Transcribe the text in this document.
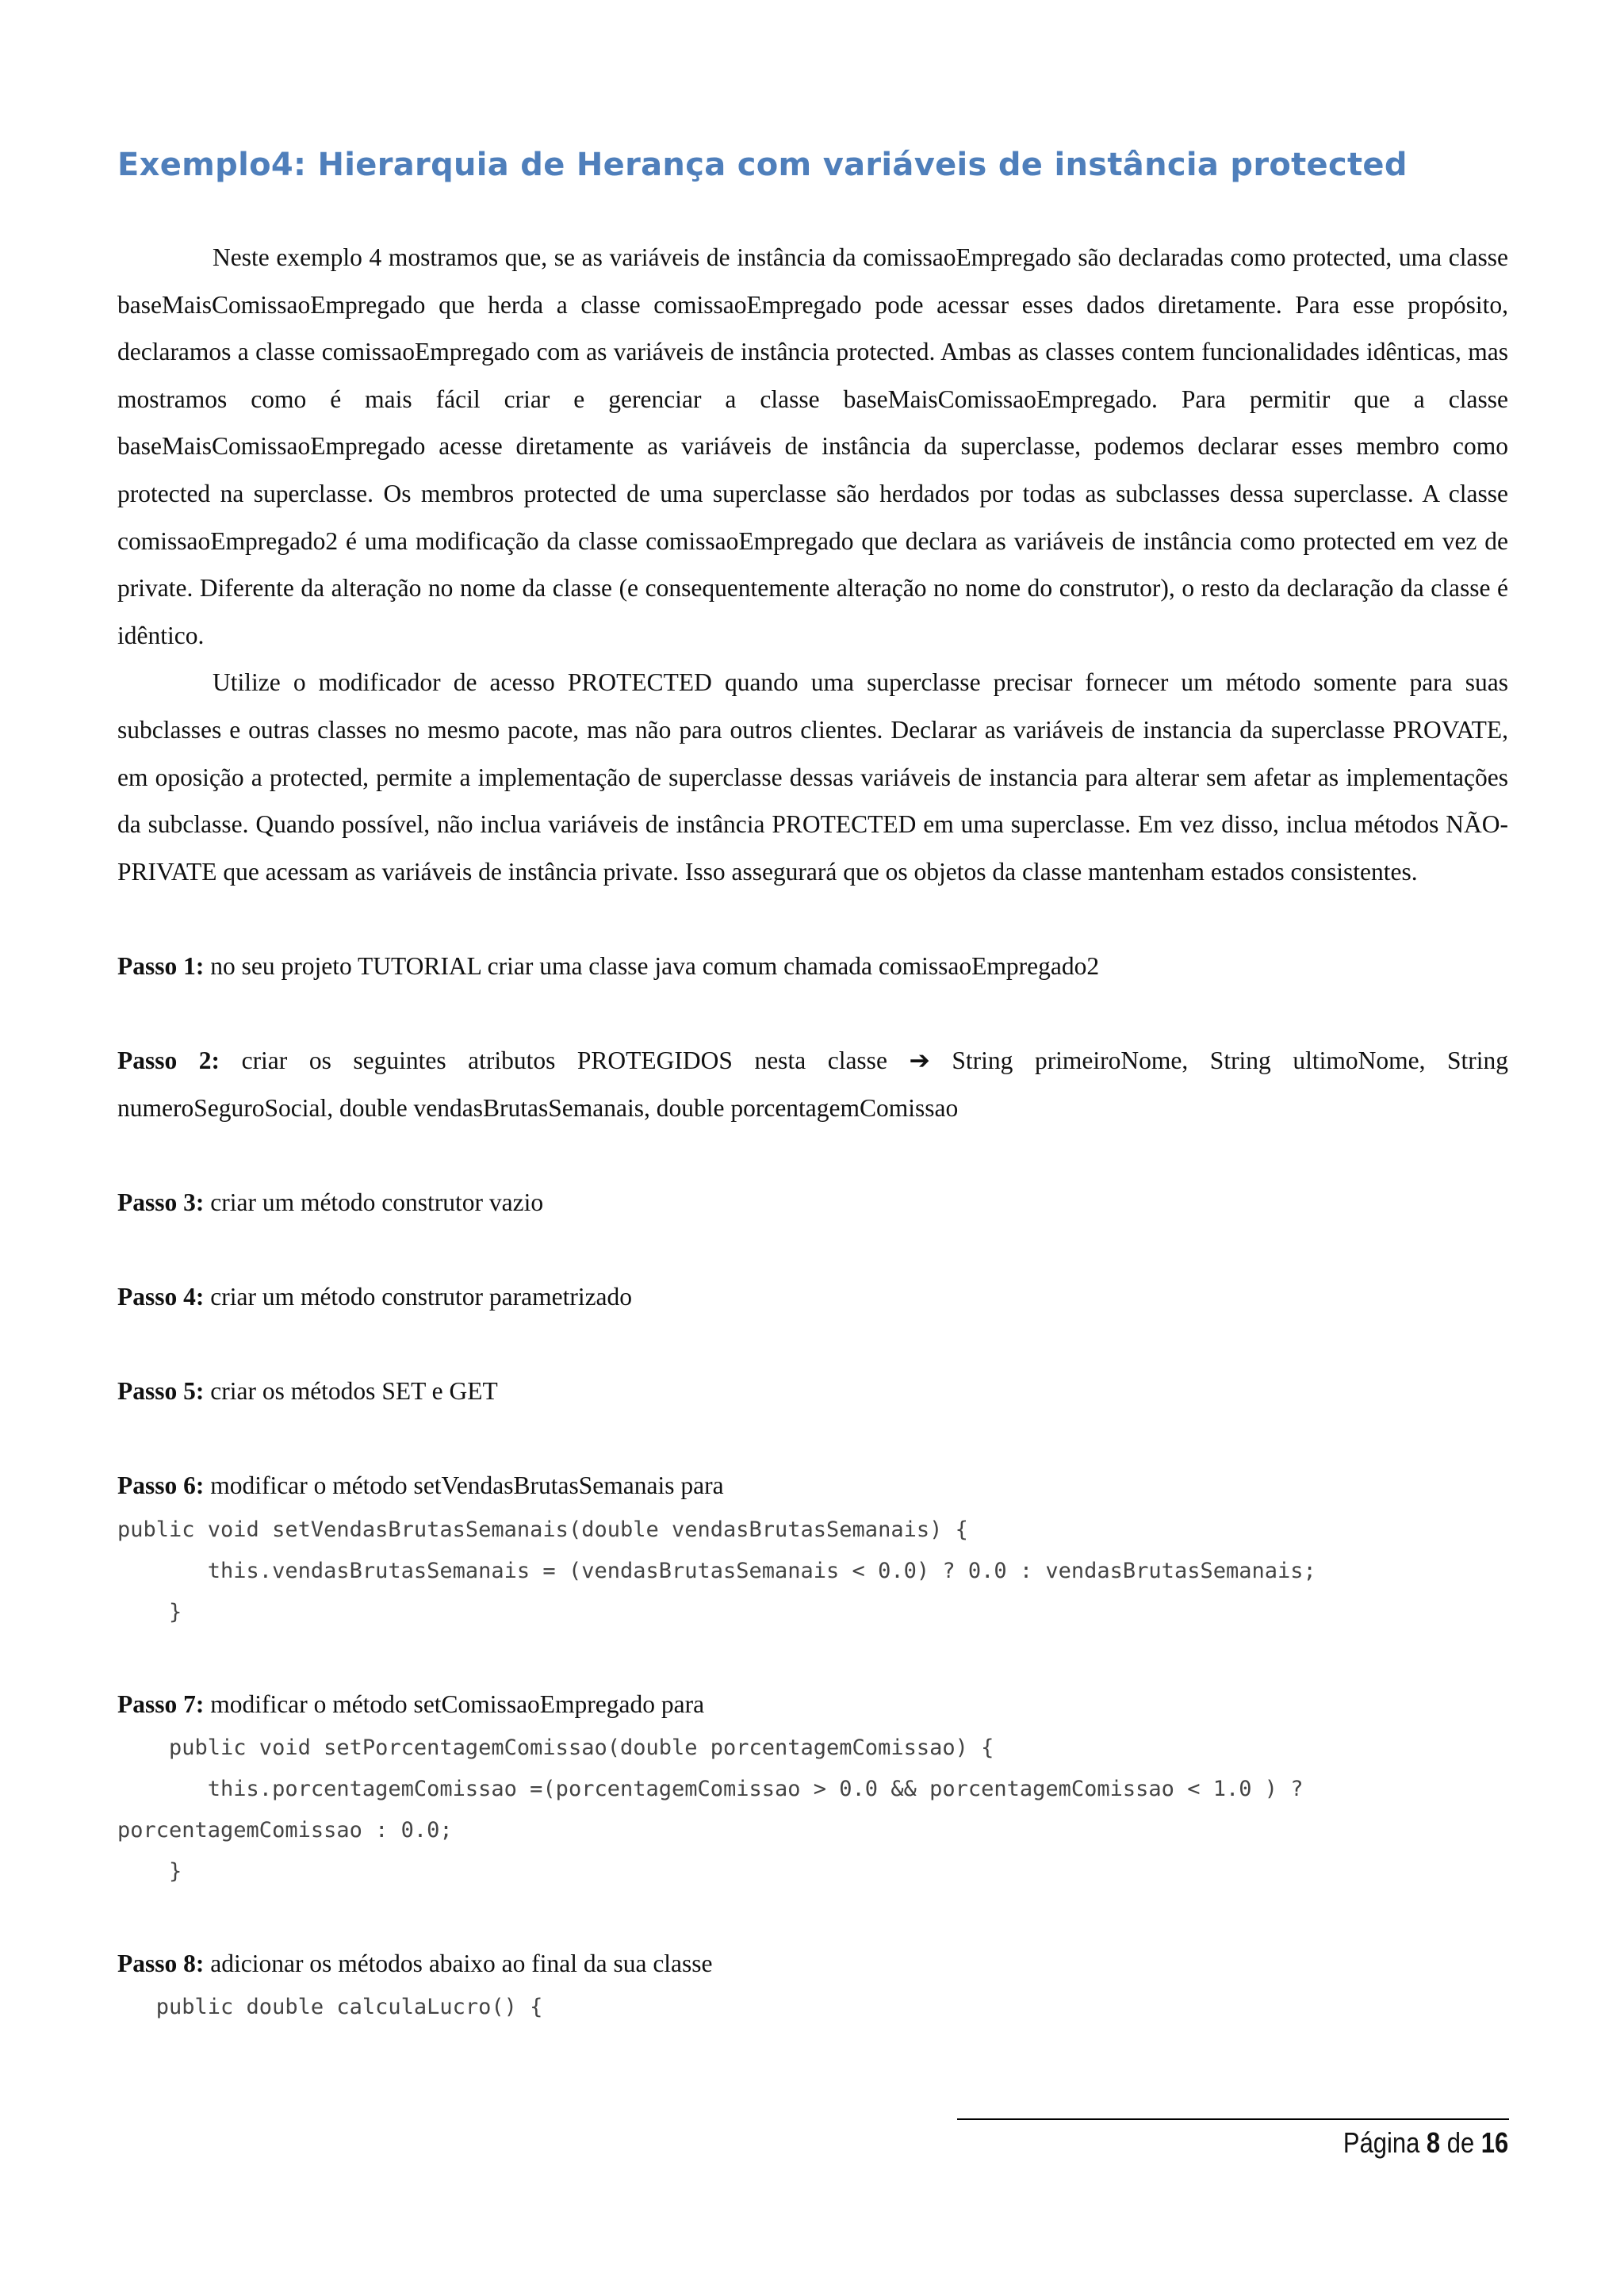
Exemplo4: Hierarquia de Herança com variáveis de instância protected

Neste exemplo 4 mostramos que, se as variáveis de instância da comissaoEmpregado são declaradas como protected, uma classe baseMaisComissaoEmpregado que herda a classe comissaoEmpregado pode acessar esses dados diretamente. Para esse propósito, declaramos a classe comissaoEmpregado com as variáveis de instância protected. Ambas as classes contem funcionalidades idênticas, mas mostramos como é mais fácil criar e gerenciar a classe baseMaisComissaoEmpregado. Para permitir que a classe baseMaisComissaoEmpregado acesse diretamente as variáveis de instância da superclasse, podemos declarar esses membro como protected na superclasse. Os membros protected de uma superclasse são herdados por todas as subclasses dessa superclasse. A classe comissaoEmpregado2 é uma modificação da classe comissaoEmpregado que declara as variáveis de instância como protected em vez de private. Diferente da alteração no nome da classe (e consequentemente alteração no nome do construtor), o resto da declaração da classe é idêntico.

Utilize o modificador de acesso PROTECTED quando uma superclasse precisar fornecer um método somente para suas subclasses e outras classes no mesmo pacote, mas não para outros clientes. Declarar as variáveis de instancia da superclasse PROVATE, em oposição a protected, permite a implementação de superclasse dessas variáveis de instancia para alterar sem afetar as implementações da subclasse. Quando possível, não inclua variáveis de instância PROTECTED em uma superclasse. Em vez disso, inclua métodos NÃO-PRIVATE que acessam as variáveis de instância private. Isso assegurará que os objetos da classe mantenham estados consistentes.

Passo 1: no seu projeto TUTORIAL criar uma classe java comum chamada comissaoEmpregado2

Passo 2: criar os seguintes atributos PROTEGIDOS nesta classe ➔ String primeiroNome, String ultimoNome, String numeroSeguroSocial, double vendasBrutasSemanais, double porcentagemComissao

Passo 3: criar um método construtor vazio

Passo 4: criar um método construtor parametrizado

Passo 5: criar os métodos SET e GET

Passo 6: modificar o método setVendasBrutasSemanais para

public void setVendasBrutasSemanais(double vendasBrutasSemanais) {
this.vendasBrutasSemanais = (vendasBrutasSemanais < 0.0) ? 0.0 : vendasBrutasSemanais;
}

Passo 7: modificar o método setComissaoEmpregado para

public void setPorcentagemComissao(double porcentagemComissao) {
this.porcentagemComissao =(porcentagemComissao > 0.0 && porcentagemComissao < 1.0 ) ?
porcentagemComissao : 0.0;
}

Passo 8: adicionar os métodos abaixo ao final da sua classe

public double calculaLucro() {
Página 8 de 16
